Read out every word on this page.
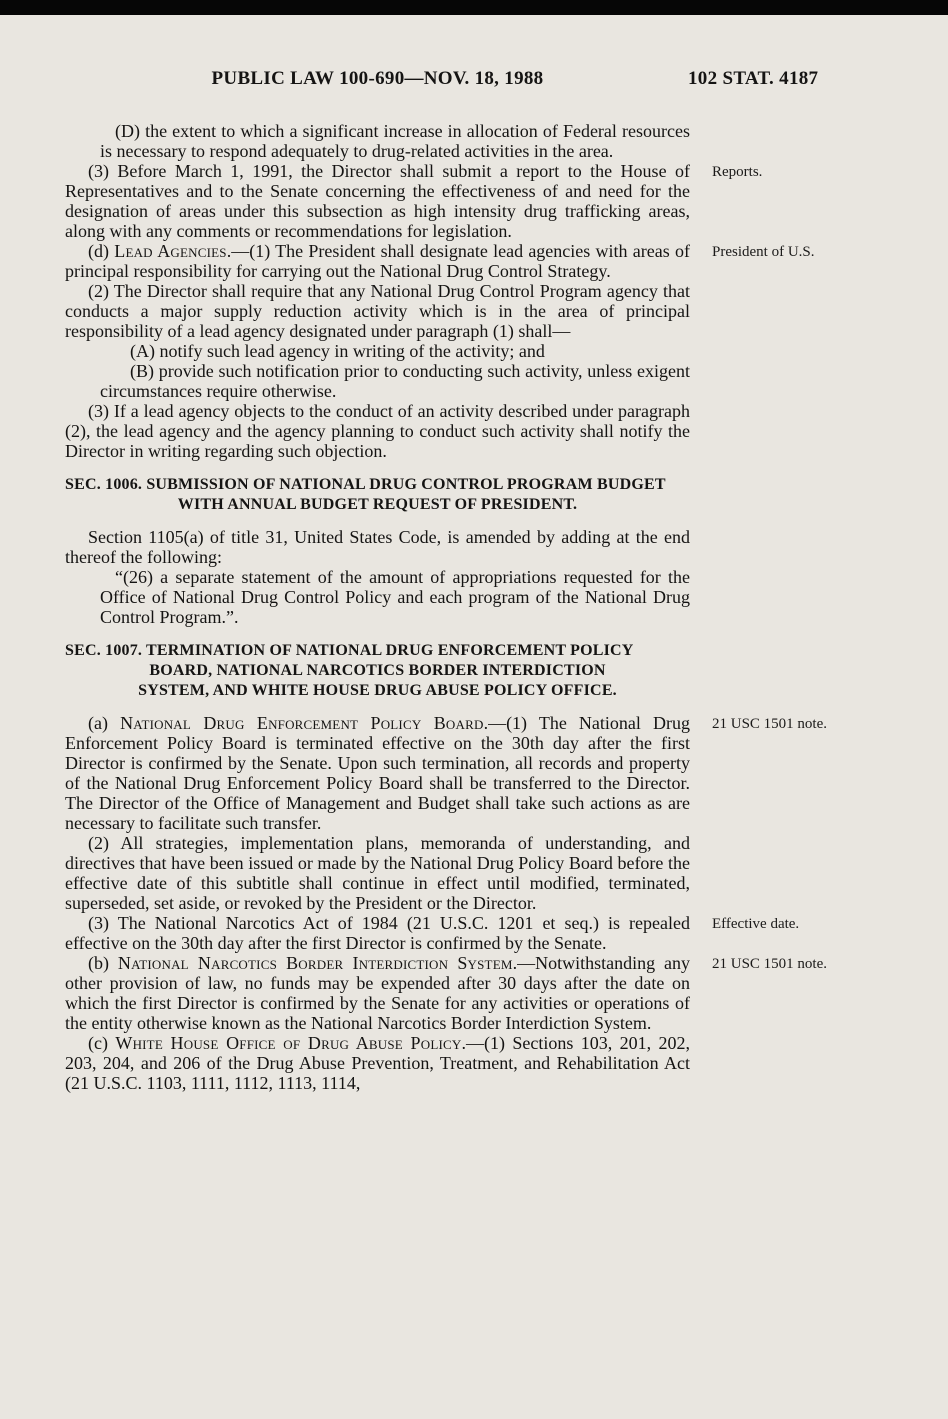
PUBLIC LAW 100-690—NOV. 18, 1988	102 STAT. 4187

(D) the extent to which a significant increase in allocation of Federal resources is necessary to respond adequately to drug-related activities in the area.

(3) Before March 1, 1991, the Director shall submit a report to the House of Representatives and to the Senate concerning the effectiveness of and need for the designation of areas under this subsection as high intensity drug trafficking areas, along with any comments or recommendations for legislation.

Reports.

(d) Lead Agencies.—(1) The President shall designate lead agencies with areas of principal responsibility for carrying out the National Drug Control Strategy.

President of U.S.

(2) The Director shall require that any National Drug Control Program agency that conducts a major supply reduction activity which is in the area of principal responsibility of a lead agency designated under paragraph (1) shall—

(A) notify such lead agency in writing of the activity; and

(B) provide such notification prior to conducting such activity, unless exigent circumstances require otherwise.

(3) If a lead agency objects to the conduct of an activity described under paragraph (2), the lead agency and the agency planning to conduct such activity shall notify the Director in writing regarding such objection.

SEC. 1006. SUBMISSION OF NATIONAL DRUG CONTROL PROGRAM BUDGET
WITH ANNUAL BUDGET REQUEST OF PRESIDENT.

Section 1105(a) of title 31, United States Code, is amended by adding at the end thereof the following:

“(26) a separate statement of the amount of appropriations requested for the Office of National Drug Control Policy and each program of the National Drug Control Program.”.

SEC. 1007. TERMINATION OF NATIONAL DRUG ENFORCEMENT POLICY
BOARD, NATIONAL NARCOTICS BORDER INTERDICTION
SYSTEM, AND WHITE HOUSE DRUG ABUSE POLICY OFFICE.

(a) National Drug Enforcement Policy Board.—(1) The National Drug Enforcement Policy Board is terminated effective on the 30th day after the first Director is confirmed by the Senate. Upon such termination, all records and property of the National Drug Enforcement Policy Board shall be transferred to the Director. The Director of the Office of Management and Budget shall take such actions as are necessary to facilitate such transfer.

21 USC 1501 note.

(2) All strategies, implementation plans, memoranda of understanding, and directives that have been issued or made by the National Drug Policy Board before the effective date of this subtitle shall continue in effect until modified, terminated, superseded, set aside, or revoked by the President or the Director.

(3) The National Narcotics Act of 1984 (21 U.S.C. 1201 et seq.) is repealed effective on the 30th day after the first Director is confirmed by the Senate.

Effective date.

(b) National Narcotics Border Interdiction System.—Notwithstanding any other provision of law, no funds may be expended after 30 days after the date on which the first Director is confirmed by the Senate for any activities or operations of the entity otherwise known as the National Narcotics Border Interdiction System.

21 USC 1501 note.

(c) White House Office of Drug Abuse Policy.—(1) Sections 103, 201, 202, 203, 204, and 206 of the Drug Abuse Prevention, Treatment, and Rehabilitation Act (21 U.S.C. 1103, 1111, 1112, 1113, 1114,
